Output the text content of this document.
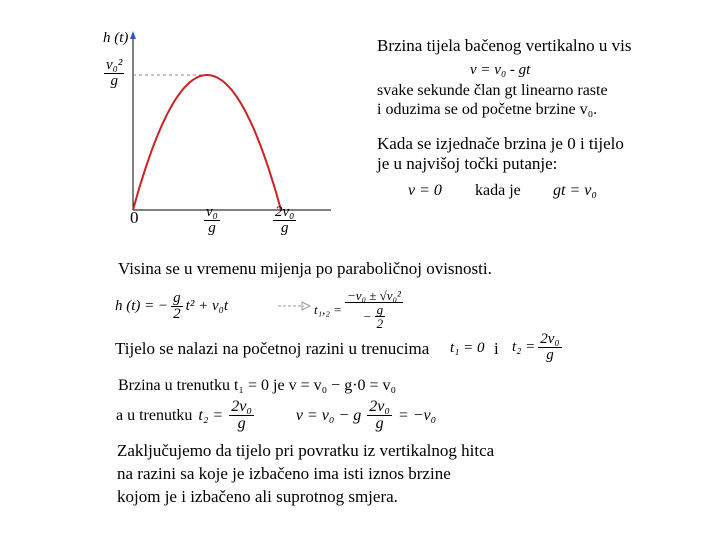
h (t)
$\frac{\text{v₀²}}{g}$
0	$\frac{\text{v₀}}{g}$	$\frac{\text{2v₀}}{g}$
Brzina tijela bačenog vertikalno u vis
v = v₀ - gt
svake sekunde član gt linearno raste
i oduzima se od početne brzine v₀.
Kada se izjednače brzina je 0 i tijelo
je u najvišoj točki putanje:
v = 0 kada je gt = v₀
Visina se u vremenu mijenja po paraboličnoj ovisnosti.
h (t) = − $\frac{g}{2} t^2 + v_0t$	$t_1,_2 = \frac{\text{−v₀ ± √v₀²}}{- \frac{g}{2}}$
Tijelo se nalazi na početnoj razini u trenucima t₁ = 0 i $t_2 = \frac{\text{2v₀}}{g}$
Brzina u trenutku t₁ = 0 je v = v₀ − g·0 = v₀
a u trenutku $t_2 = \frac{\text{2v₀}}{g}$	v = v₀ − g $\frac{\text{2v₀}}{g} = -v_0$
Zaključujemo da tijelo pri povratku iz vertikalnog hitca
na razini sa koje je izbačeno ima isti iznos brzine
kojom je i izbačeno ali suprotnog smjera.
